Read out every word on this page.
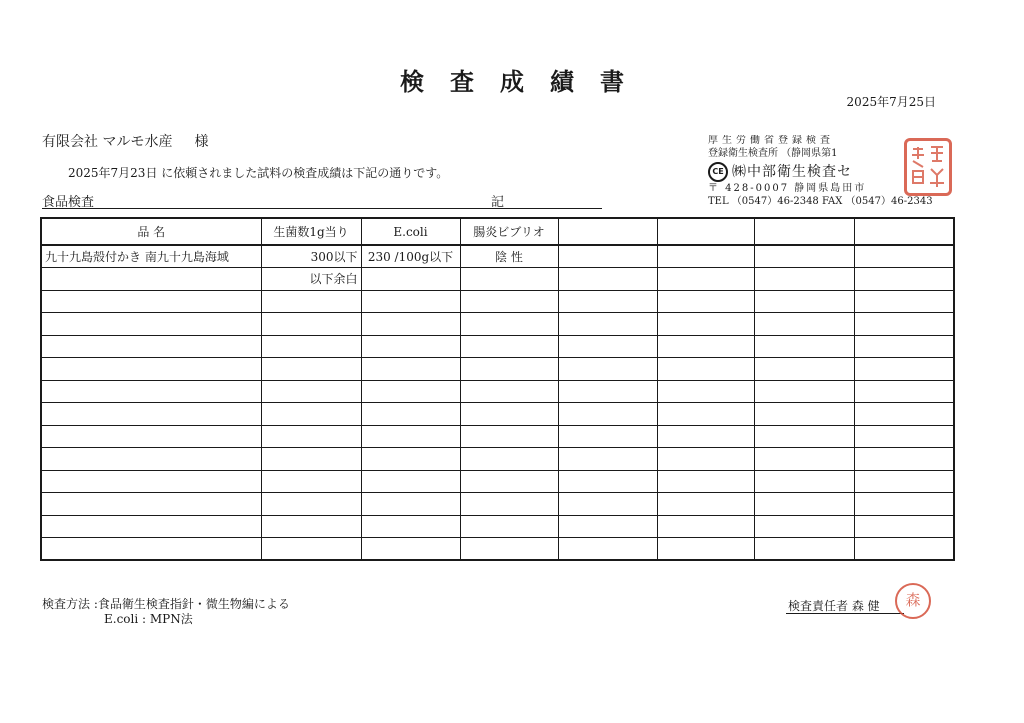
検査成績書
2025年7月25日
有限会社 マルモ水産 様
2025年7月23日 に依頼されました試料の検査成績は下記の通りです。
食品検査	記
厚生労働省登録検査
登録衛生検査所 （静岡県第1
CE ㈱中部衛生検査セ
〒 428-0007 静岡県島田市
TEL （0547）46-2348 FAX （0547）46-2343
品 名	生菌数1g当り	E.coli	腸炎ビブリオ				
九十九島殻付かき 南九十九島海域	300以下	230 /100g以下	陰 性				
	以下余白						

検査方法 :食品衛生検査指針・微生物編による
E.coli : MPN法
検査責任者 森 健	森
